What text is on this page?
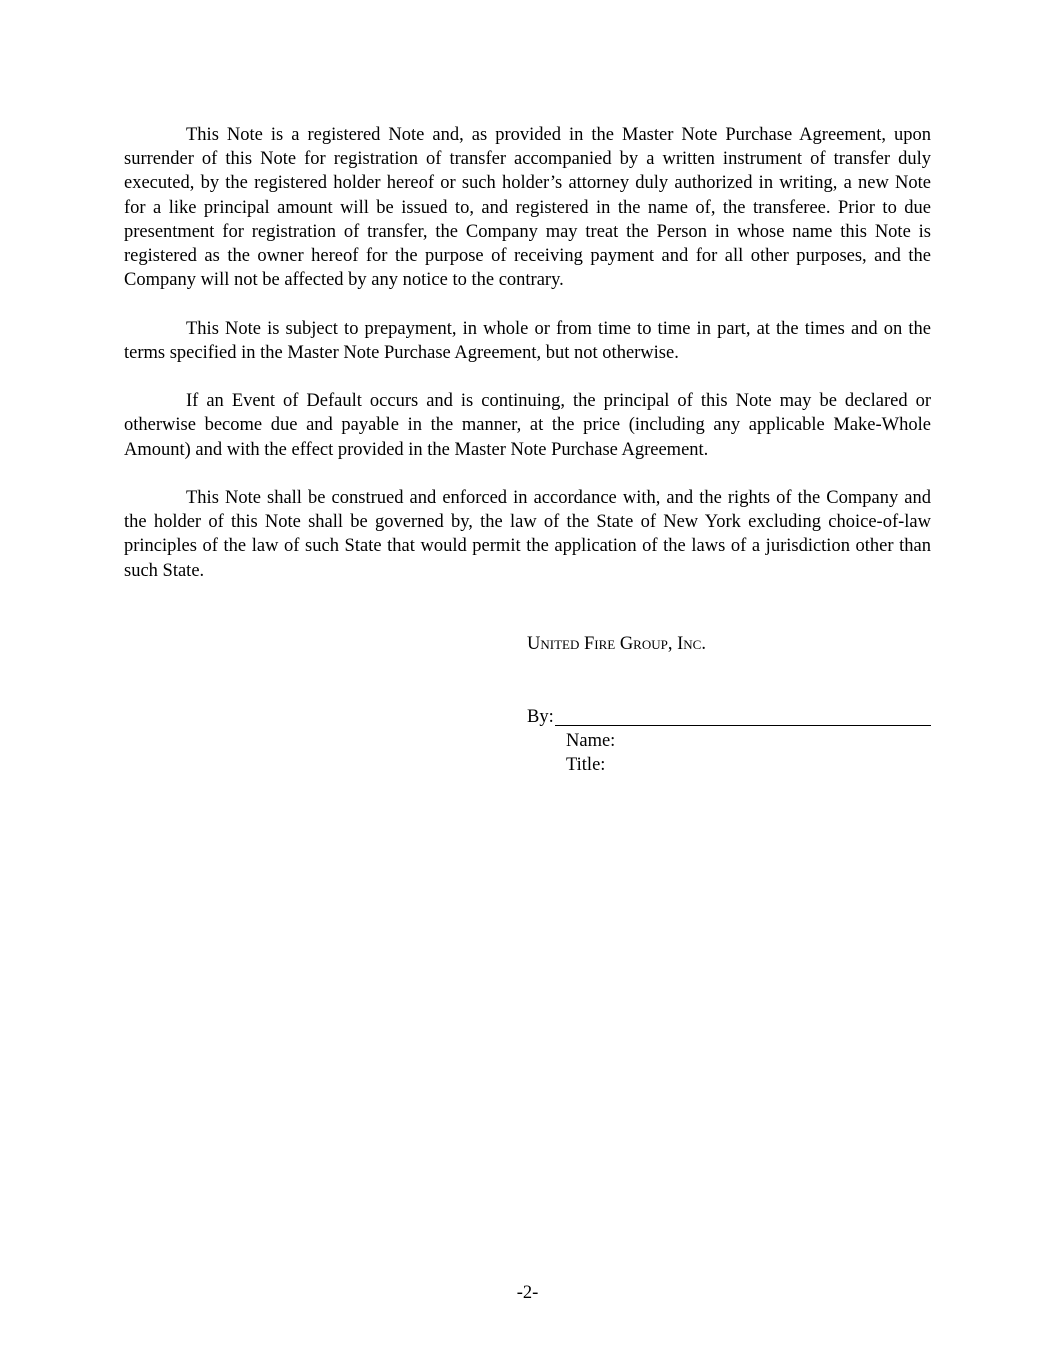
This Note is a registered Note and, as provided in the Master Note Purchase Agreement, upon surrender of this Note for registration of transfer accompanied by a written instrument of transfer duly executed, by the registered holder hereof or such holder’s attorney duly authorized in writing, a new Note for a like principal amount will be issued to, and registered in the name of, the transferee. Prior to due presentment for registration of transfer, the Company may treat the Person in whose name this Note is registered as the owner hereof for the purpose of receiving payment and for all other purposes, and the Company will not be affected by any notice to the contrary.

This Note is subject to prepayment, in whole or from time to time in part, at the times and on the terms specified in the Master Note Purchase Agreement, but not otherwise.

If an Event of Default occurs and is continuing, the principal of this Note may be declared or otherwise become due and payable in the manner, at the price (including any applicable Make-Whole Amount) and with the effect provided in the Master Note Purchase Agreement.

This Note shall be construed and enforced in accordance with, and the rights of the Company and the holder of this Note shall be governed by, the law of the State of New York excluding choice-of-law principles of the law of such State that would permit the application of the laws of a jurisdiction other than such State.

United Fire Group, Inc.

By:
Name:
Title:
-2-
